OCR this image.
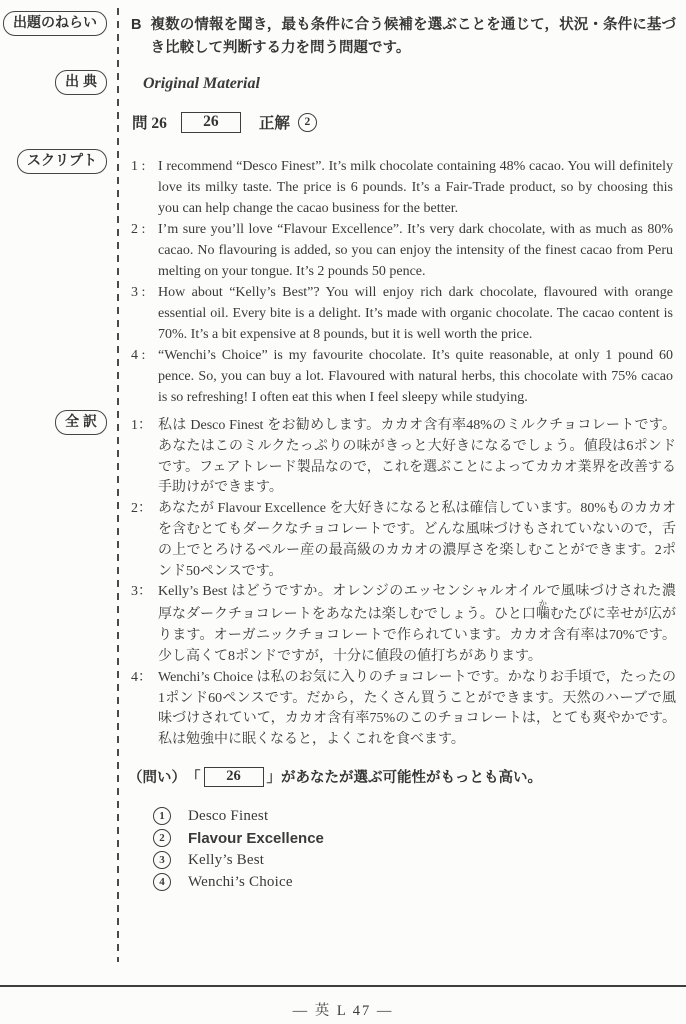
出題のねらい
出 典
スクリプト
全 訳
B 複数の情報を聞き，最も条件に合う候補を選ぶことを通じて，状況・条件に基づき比較して判断する力を問う問題です。

Original Material
問 26	26	正解	2
1 : I recommend “Desco Finest”. It’s milk chocolate containing 48% cacao. You will definitely love its milky taste. The price is 6 pounds. It’s a Fair-Trade product, so by choosing this you can help change the cacao business for the better.

2 : I’m sure you’ll love “Flavour Excellence”. It’s very dark chocolate, with as much as 80% cacao. No flavouring is added, so you can enjoy the intensity of the finest cacao from Peru melting on your tongue. It’s 2 pounds 50 pence.

3 : How about “Kelly’s Best”? You will enjoy rich dark chocolate, flavoured with orange essential oil. Every bite is a delight. It’s made with organic chocolate. The cacao content is 70%. It’s a bit expensive at 8 pounds, but it is well worth the price.

4 : “Wenchi’s Choice” is my favourite chocolate. It’s quite reasonable, at only 1 pound 60 pence. So, you can buy a lot. Flavoured with natural herbs, this chocolate with 75% cacao is so refreshing! I often eat this when I feel sleepy while studying.

1： 私は Desco Finest をお勧めします。カカオ含有率48%のミルクチョコレートです。あなたはこのミルクたっぷりの味がきっと大好きになるでしょう。値段は6ポンドです。フェアトレード製品なので，これを選ぶことによってカカオ業界を改善する手助けができます。

2： あなたが Flavour Excellence を大好きになると私は確信しています。80%ものカカオを含むとてもダークなチョコレートです。どんな風味づけもされていないので，舌の上でとろけるペルー産の最高級のカカオの濃厚さを楽しむことができます。2ポンド50ペンスです。

3： Kelly’s Best はどうですか。オレンジのエッセンシャルオイルで風味づけされた濃厚なダークチョコレートをあなたは楽しむでしょう。ひと口噛かむたびに幸せが広がります。オーガニックチョコレートで作られています。カカオ含有率は70%です。少し高くて8ポンドですが，十分に値段の値打ちがあります。

4： Wenchi’s Choice は私のお気に入りのチョコレートです。かなりお手頃で，たったの1ポンド60ペンスです。だから，たくさん買うことができます。天然のハーブで風味づけされていて，カカオ含有率75%のこのチョコレートは，とても爽やかです。私は勉強中に眠くなると，よくこれを食べます。

（問い） 「	26	」 があなたが選ぶ可能性がもっとも高い。
1	Desco Finest
2	Flavour Excellence
3	Kelly’s Best
4	Wenchi’s Choice
— 英 L 47 —
